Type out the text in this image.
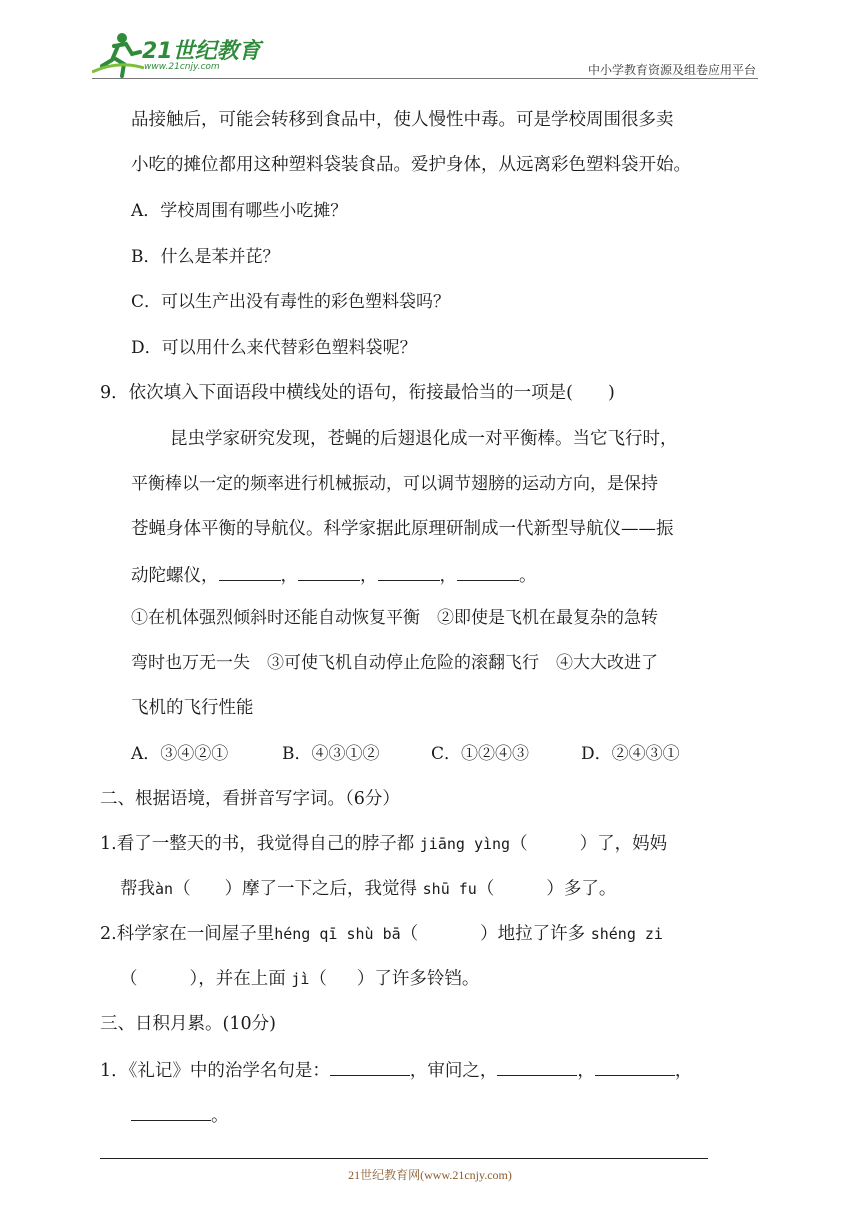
21世纪教育
www.21cnjy.com	中小学教育资源及组卷应用平台
品接触后，可能会转移到食品中，使人慢性中毒。可是学校周围很多卖
小吃的摊位都用这种塑料袋装食品。爱护身体，从远离彩色塑料袋开始。
A．学校周围有哪些小吃摊？
B．什么是苯并芘？
C．可以生产出没有毒性的彩色塑料袋吗？
D．可以用什么来代替彩色塑料袋呢？
9．依次填入下面语段中横线处的语句，衔接最恰当的一项是(　　)
昆虫学家研究发现，苍蝇的后翅退化成一对平衡棒。当它飞行时，
平衡棒以一定的频率进行机械振动，可以调节翅膀的运动方向，是保持
苍蝇身体平衡的导航仪。科学家据此原理研制成一代新型导航仪——振
动陀螺仪，	，	，	，	。
①在机体强烈倾斜时还能自动恢复平衡　②即使是飞机在最复杂的急转
弯时也万无一失　③可使飞机自动停止危险的滚翻飞行　④大大改进了
飞机的飞行性能
A．③④②①	B．④③①②	C．①②④③	D．②④③①
二、根据语境，看拼音写字词。（6分）
1.看了一整天的书，我觉得自己的脖子都 jiāng yìng（	）了，妈妈
帮我àn（ ）摩了一下之后，我觉得 shū fu（	）多了。
2.科学家在一间屋子里héng qī shù bā（	）地拉了许多 shéng zi
（	），并在上面 jì（ ）了许多铃铛。
三、日积月累。(10分)
1．《礼记》中的治学名句是：	，审问之，	，	，
。
21世纪教育网(www.21cnjy.com)
